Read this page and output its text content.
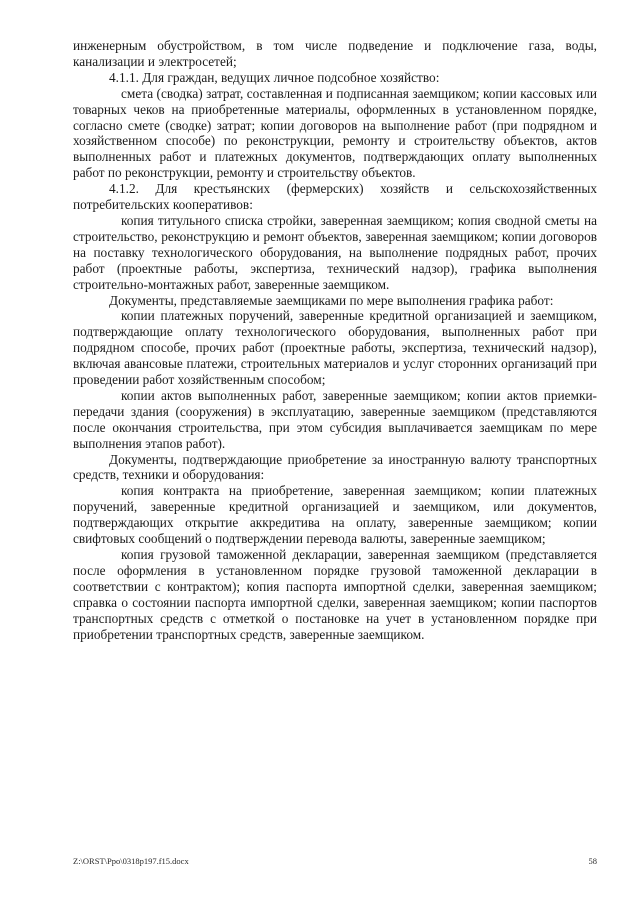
инженерным обустройством, в том числе подведение и подключение газа, воды, канализации и электросетей;

4.1.1. Для граждан, ведущих личное подсобное хозяйство:

смета (сводка) затрат, составленная и подписанная заемщиком; копии кассовых или товарных чеков на приобретенные материалы, оформленных в установленном порядке, согласно смете (сводке) затрат; копии договоров на выполнение работ (при подрядном и хозяйственном способе) по реконструкции, ремонту и строительству объектов, актов выполненных работ и платежных документов, подтверждающих оплату выполненных работ по реконструкции, ремонту и строительству объектов.

4.1.2. Для крестьянских (фермерских) хозяйств и сельскохозяйственных потребительских кооперативов:

копия титульного списка стройки, заверенная заемщиком; копия сводной сметы на строительство, реконструкцию и ремонт объектов, заверенная заемщиком; копии договоров на поставку технологического оборудования, на выполнение подрядных работ, прочих работ (проектные работы, экспертиза, технический надзор), графика выполнения строительно-монтажных работ, заверенные заемщиком.

Документы, представляемые заемщиками по мере выполнения графика работ:

копии платежных поручений, заверенные кредитной организацией и заемщиком, подтверждающие оплату технологического оборудования, выполненных работ при подрядном способе, прочих работ (проектные работы, экспертиза, технический надзор), включая авансовые платежи, строительных материалов и услуг сторонних организаций при проведении работ хозяйственным способом;

копии актов выполненных работ, заверенные заемщиком; копии актов приемки-передачи здания (сооружения) в эксплуатацию, заверенные заемщиком (представляются после окончания строительства, при этом субсидия выплачивается заемщикам по мере выполнения этапов работ).

Документы, подтверждающие приобретение за иностранную валюту транспортных средств, техники и оборудования:

копия контракта на приобретение, заверенная заемщиком; копии платежных поручений, заверенные кредитной организацией и заемщиком, или документов, подтверждающих открытие аккредитива на оплату, заверенные заемщиком; копии свифтовых сообщений о подтверждении перевода валюты, заверенные заемщиком;

копия грузовой таможенной декларации, заверенная заемщиком (представляется после оформления в установленном порядке грузовой таможенной декларации в соответствии с контрактом); копия паспорта импортной сделки, заверенная заемщиком; справка о состоянии паспорта импортной сделки, заверенная заемщиком; копии паспортов транспортных средств с отметкой о постановке на учет в установленном порядке при приобретении транспортных средств, заверенные заемщиком.

Z:\ORST\Ppo\0318p197.f15.docx	58
